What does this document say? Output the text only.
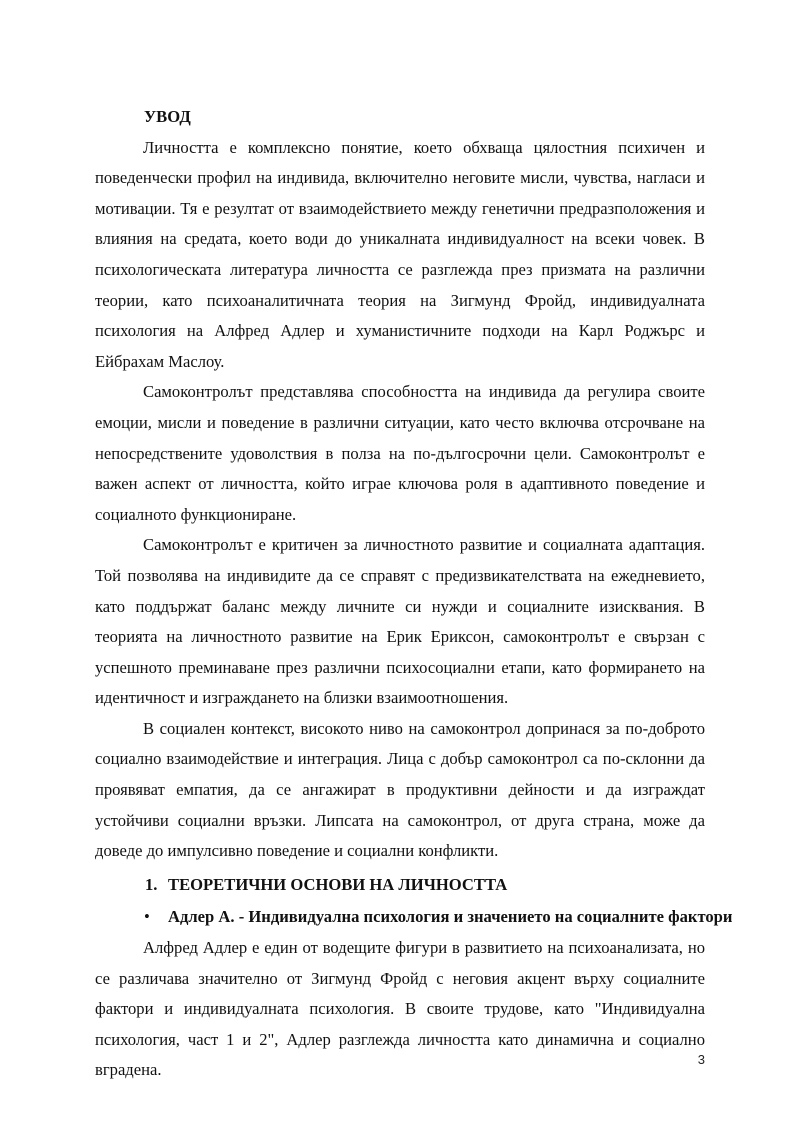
УВОД

Личността е комплексно понятие, което обхваща цялостния психичен и поведенчески профил на индивида, включително неговите мисли, чувства, нагласи и мотивации. Тя е резултат от взаимодействието между генетични предразположения и влияния на средата, което води до уникалната индивидуалност на всеки човек. В психологическата литература личността се разглежда през призмата на различни теории, като психоаналитичната теория на Зигмунд Фройд, индивидуалната психология на Алфред Адлер и хуманистичните подходи на Карл Роджърс и Ейбрахам Маслоу.

Самоконтролът представлява способността на индивида да регулира своите емоции, мисли и поведение в различни ситуации, като често включва отсрочване на непосредствените удоволствия в полза на по-дългосрочни цели. Самоконтролът е важен аспект от личността, който играе ключова роля в адаптивното поведение и социалното функциониране.

Самоконтролът е критичен за личностното развитие и социалната адаптация. Той позволява на индивидите да се справят с предизвикателствата на ежедневието, като поддържат баланс между личните си нужди и социалните изисквания. В теорията на личностното развитие на Ерик Ериксон, самоконтролът е свързан с успешното преминаване през различни психосоциални етапи, като формирането на идентичност и изграждането на близки взаимоотношения.

В социален контекст, високото ниво на самоконтрол допринася за по-доброто социално взаимодействие и интеграция. Лица с добър самоконтрол са по-склонни да проявяват емпатия, да се ангажират в продуктивни дейности и да изграждат устойчиви социални връзки. Липсата на самоконтрол, от друга страна, може да доведе до импулсивно поведение и социални конфликти.

1. ТЕОРЕТИЧНИ ОСНОВИ НА ЛИЧНОСТТА

• Адлер А. - Индивидуална психология и значението на социалните фактори

Алфред Адлер е един от водещите фигури в развитието на психоанализата, но се различава значително от Зигмунд Фройд с неговия акцент върху социалните фактори и индивидуалната психология. В своите трудове, като "Индивидуална психология, част 1 и 2", Адлер разглежда личността като динамична и социално вградена.

3
